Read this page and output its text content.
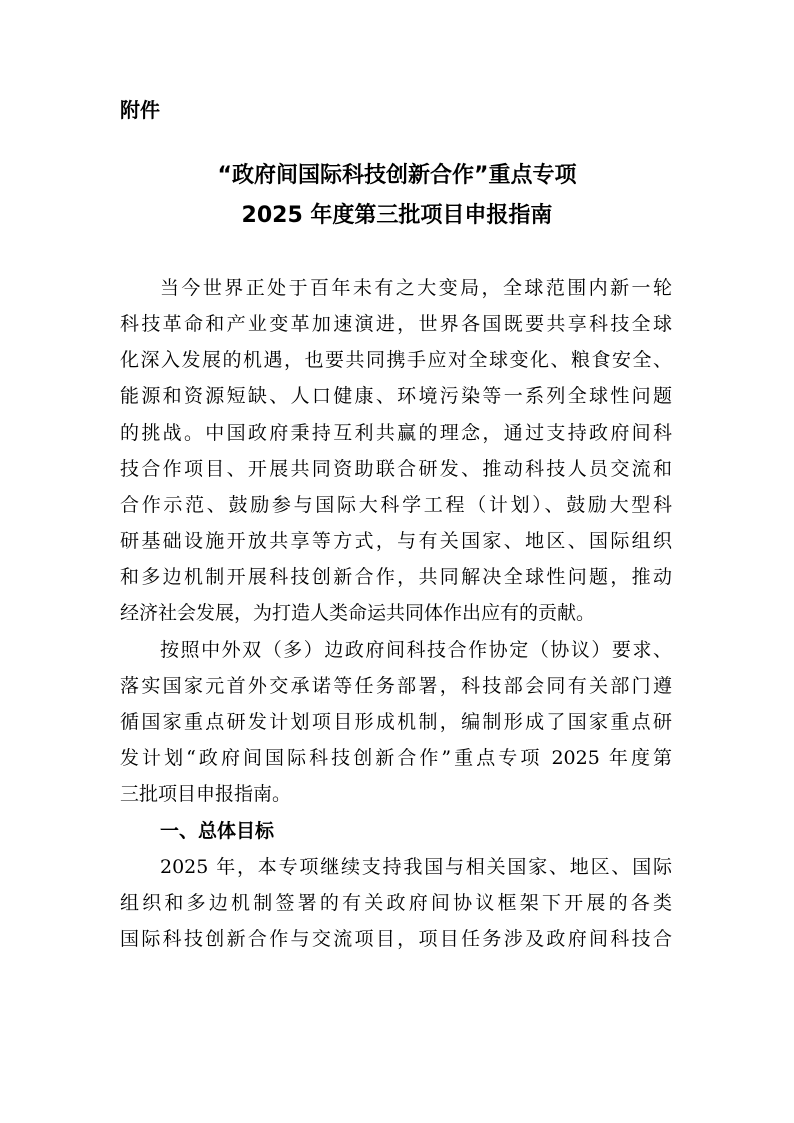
附件
“政府间国际科技创新合作”重点专项
2025 年度第三批项目申报指南
当今世界正处于百年未有之大变局，全球范围内新一轮
科技革命和产业变革加速演进，世界各国既要共享科技全球
化深入发展的机遇，也要共同携手应对全球变化、粮食安全、
能源和资源短缺、人口健康、环境污染等一系列全球性问题
的挑战。中国政府秉持互利共赢的理念，通过支持政府间科
技合作项目、开展共同资助联合研发、推动科技人员交流和
合作示范、鼓励参与国际大科学工程（计划）、鼓励大型科
研基础设施开放共享等方式，与有关国家、地区、国际组织
和多边机制开展科技创新合作，共同解决全球性问题，推动
经济社会发展，为打造人类命运共同体作出应有的贡献。
按照中外双（多）边政府间科技合作协定（协议）要求、
落实国家元首外交承诺等任务部署，科技部会同有关部门遵
循国家重点研发计划项目形成机制，编制形成了国家重点研
发计划“政府间国际科技创新合作”重点专项 2025 年度第
三批项目申报指南。
一、总体目标
2025 年，本专项继续支持我国与相关国家、地区、国际
组织和多边机制签署的有关政府间协议框架下开展的各类
国际科技创新合作与交流项目，项目任务涉及政府间科技合
